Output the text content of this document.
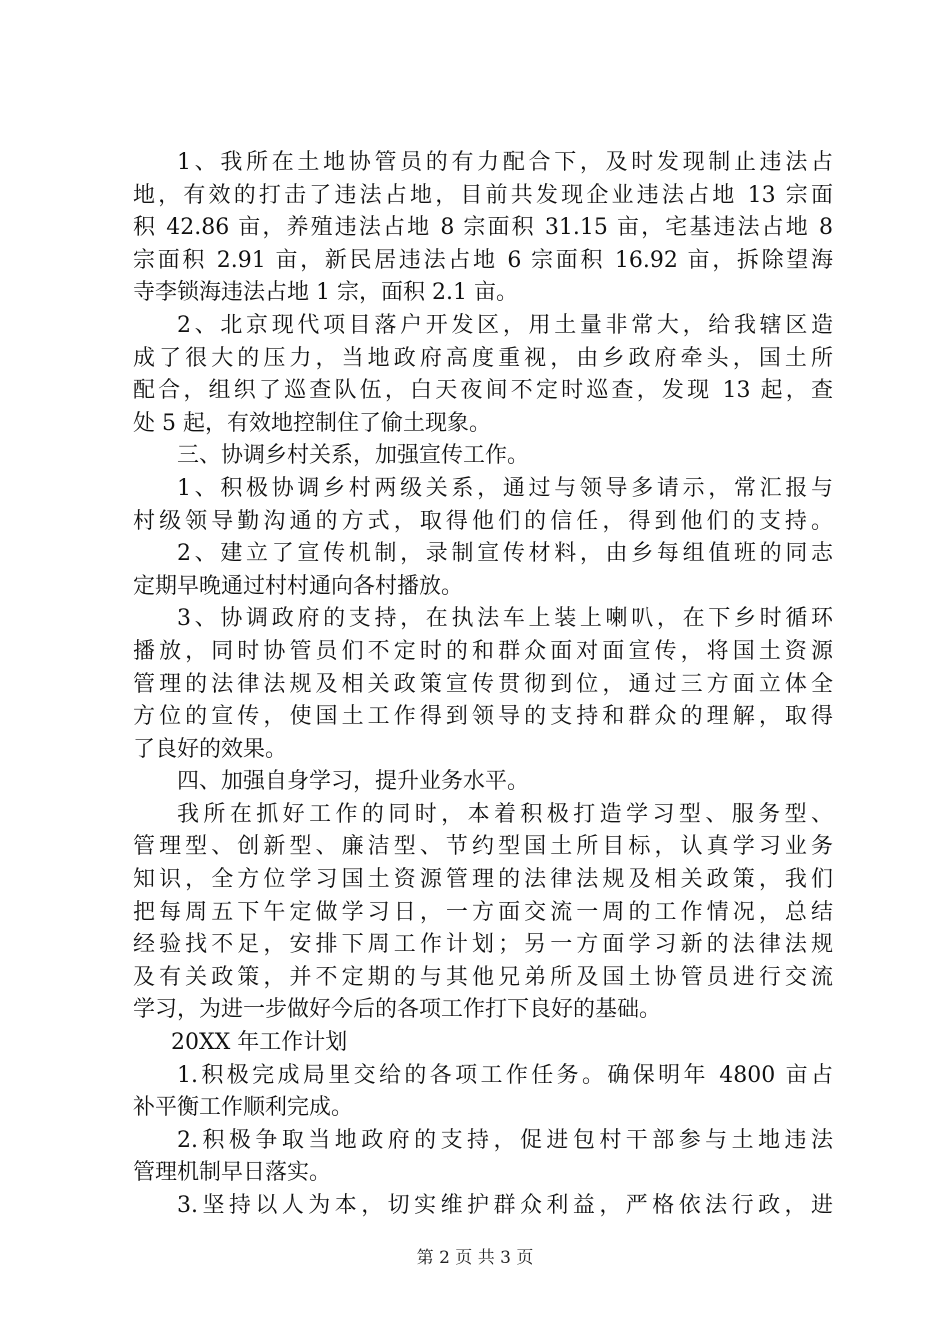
1、我所在土地协管员的有力配合下，及时发现制止违法占
地，有效的打击了违法占地，目前共发现企业违法占地 13 宗面
积 42.86 亩，养殖违法占地 8 宗面积 31.15 亩，宅基违法占地 8
宗面积 2.91 亩，新民居违法占地 6 宗面积 16.92 亩，拆除望海
寺李锁海违法占地 1 宗，面积 2.1 亩。
2、北京现代项目落户开发区，用土量非常大，给我辖区造
成了很大的压力，当地政府高度重视，由乡政府牵头，国土所
配合，组织了巡查队伍，白天夜间不定时巡查，发现 13 起，查
处 5 起，有效地控制住了偷土现象。
三、协调乡村关系，加强宣传工作。
1、积极协调乡村两级关系，通过与领导多请示，常汇报与
村级领导勤沟通的方式，取得他们的信任，得到他们的支持。
2、建立了宣传机制，录制宣传材料，由乡每组值班的同志
定期早晚通过村村通向各村播放。
3、协调政府的支持，在执法车上装上喇叭，在下乡时循环
播放，同时协管员们不定时的和群众面对面宣传，将国土资源
管理的法律法规及相关政策宣传贯彻到位，通过三方面立体全
方位的宣传，使国土工作得到领导的支持和群众的理解，取得
了良好的效果。
四、加强自身学习，提升业务水平。
我所在抓好工作的同时，本着积极打造学习型、服务型、
管理型、创新型、廉洁型、节约型国土所目标，认真学习业务
知识，全方位学习国土资源管理的法律法规及相关政策，我们
把每周五下午定做学习日，一方面交流一周的工作情况，总结
经验找不足，安排下周工作计划；另一方面学习新的法律法规
及有关政策，并不定期的与其他兄弟所及国土协管员进行交流
学习，为进一步做好今后的各项工作打下良好的基础。
20XX 年工作计划
1.积极完成局里交给的各项工作任务。确保明年 4800 亩占
补平衡工作顺利完成。
2.积极争取当地政府的支持，促进包村干部参与土地违法
管理机制早日落实。
3.坚持以人为本，切实维护群众利益，严格依法行政，进
第 2 页 共 3 页
